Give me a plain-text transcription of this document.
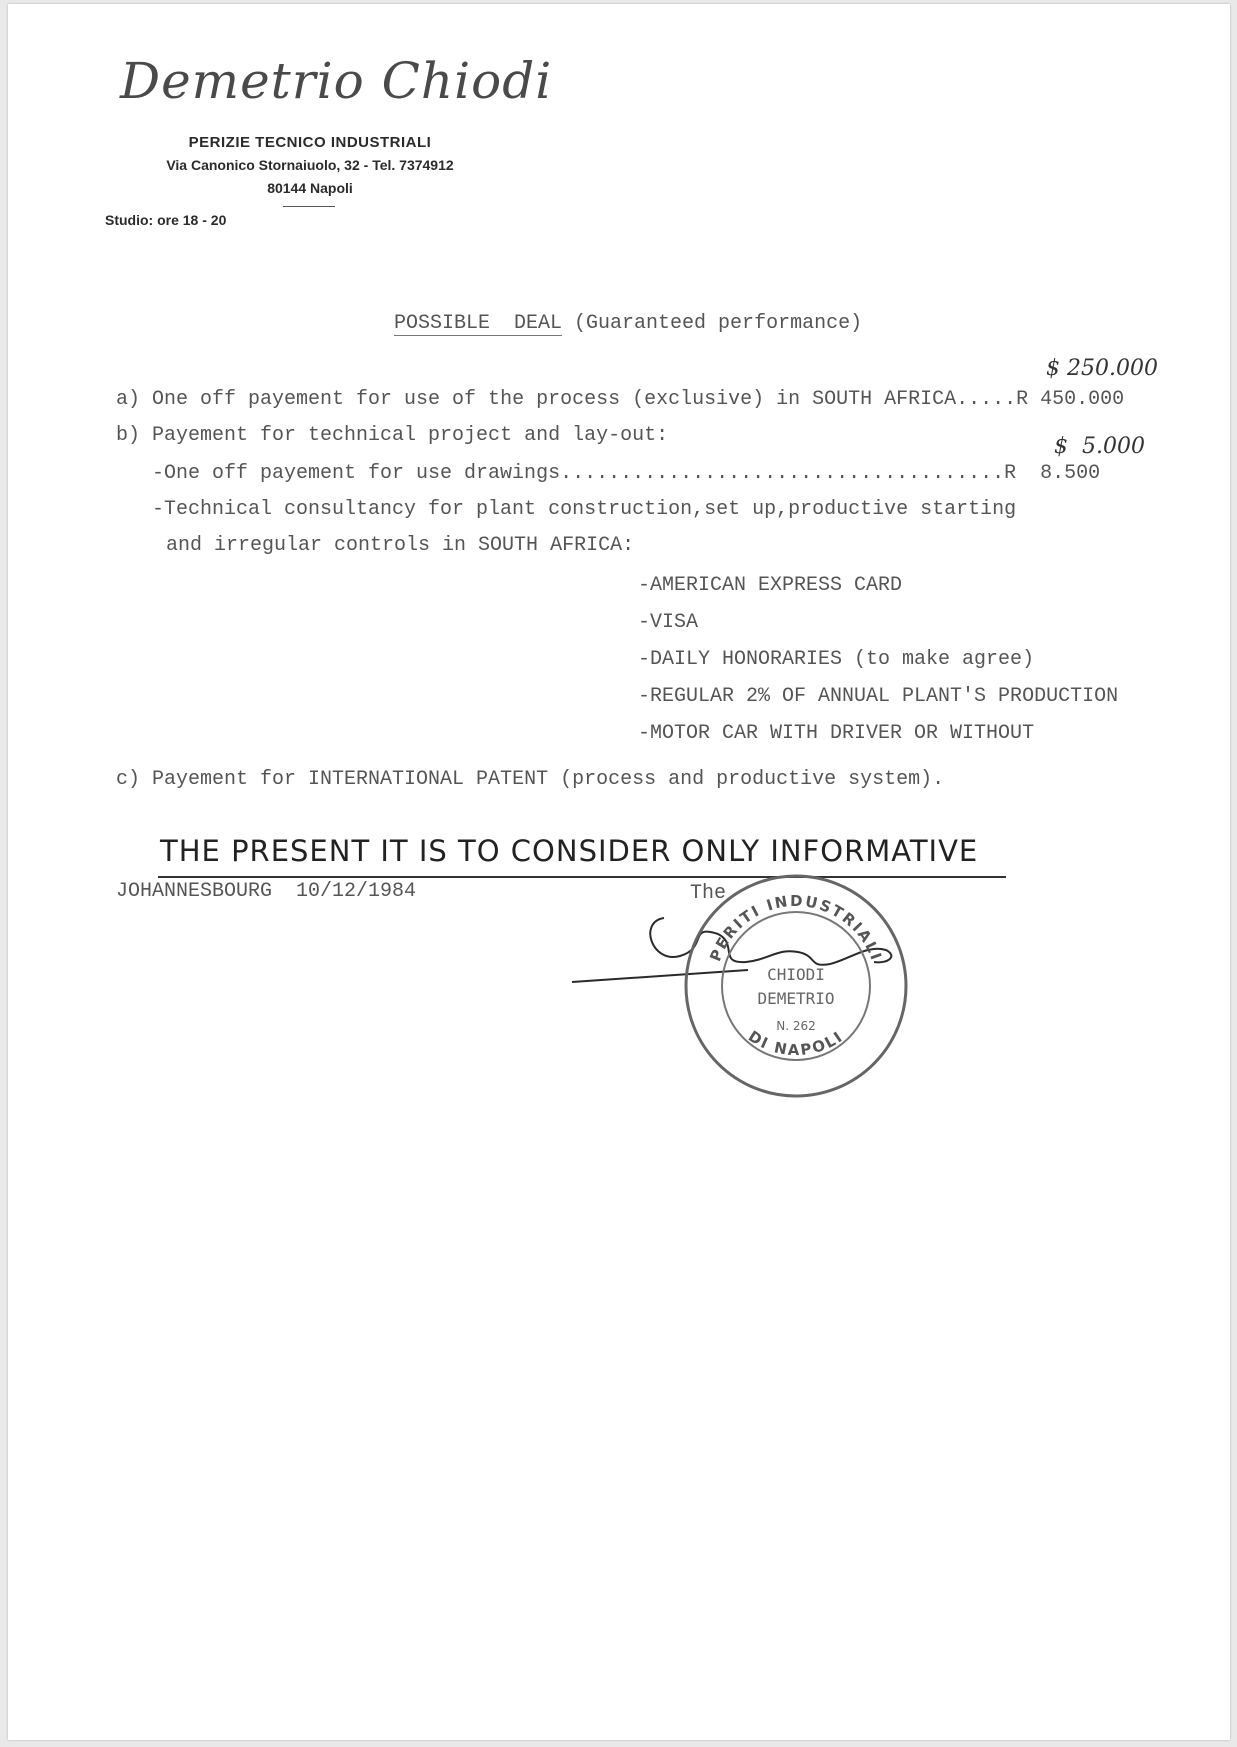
Demetrio Chiodi
PERIZIE TECNICO INDUSTRIALI
Via Canonico Stornaiuolo, 32 - Tel. 7374912
80144 Napoli
Studio: ore 18 - 20
POSSIBLE  DEAL (Guaranteed performance)
$ 250.000
a) One off payement for use of the process (exclusive) in SOUTH AFRICA.....R 450.000
b) Payement for technical project and lay-out:	$  5.000
-One off payement for use drawings.....................................R  8.500
-Technical consultancy for plant construction,set up,productive starting
and irregular controls in SOUTH AFRICA:
-AMERICAN EXPRESS CARD
-VISA
-DAILY HONORARIES (to make agree)
-REGULAR 2% OF ANNUAL PLANT'S PRODUCTION
-MOTOR CAR WITH DRIVER OR WITHOUT
c) Payement for INTERNATIONAL PATENT (process and productive system).
THE PRESENT IT IS TO CONSIDER ONLY INFORMATIVE
JOHANNESBOURG  10/12/1984	The
PERITI INDUSTRIALI
DI NAPOLI
CHIODI
DEMETRIO
N. 262
